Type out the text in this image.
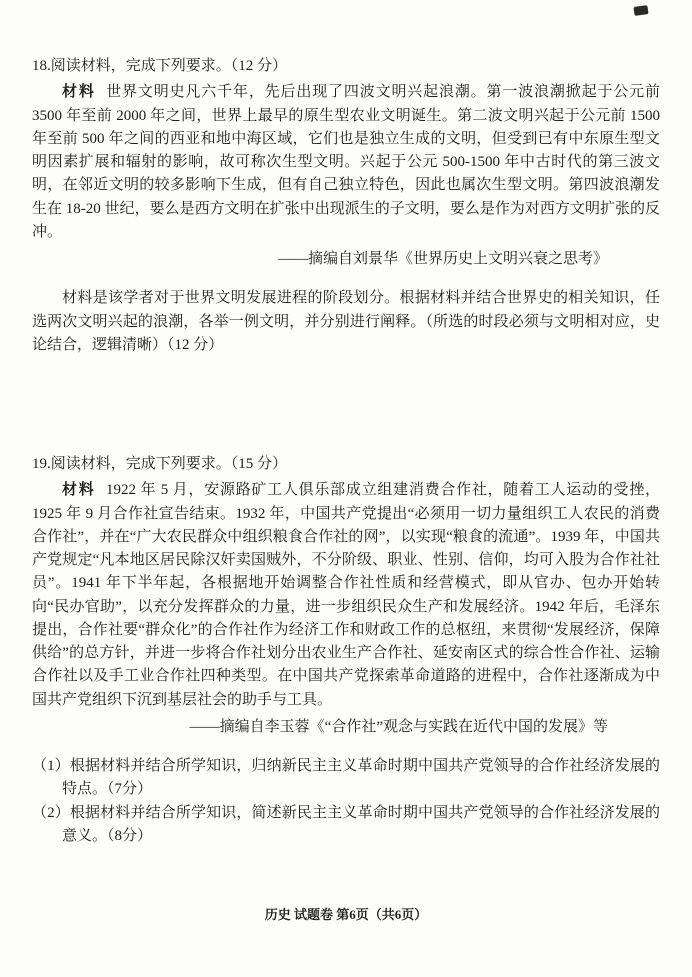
18.阅读材料，完成下列要求。（12 分）

材料 世界文明史凡六千年，先后出现了四波文明兴起浪潮。第一波浪潮掀起于公元前 3500 年至前 2000 年之间，世界上最早的原生型农业文明诞生。第二波文明兴起于公元前 1500 年至前 500 年之间的西亚和地中海区域，它们也是独立生成的文明，但受到已有中东原生型文明因素扩展和辐射的影响，故可称次生型文明。兴起于公元 500-1500 年中古时代的第三波文明，在邻近文明的较多影响下生成，但有自己独立特色，因此也属次生型文明。第四波浪潮发生在 18-20 世纪，要么是西方文明在扩张中出现派生的子文明，要么是作为对西方文明扩张的反冲。

——摘编自刘景华《世界历史上文明兴衰之思考》

材料是该学者对于世界文明发展进程的阶段划分。根据材料并结合世界史的相关知识，任选两次文明兴起的浪潮，各举一例文明，并分别进行阐释。（所选的时段必须与文明相对应，史论结合，逻辑清晰）（12 分）

19.阅读材料，完成下列要求。（15 分）

材料 1922 年 5 月，安源路矿工人俱乐部成立组建消费合作社，随着工人运动的受挫，1925 年 9 月合作社宣告结束。1932 年，中国共产党提出“必须用一切力量组织工人农民的消费合作社”，并在“广大农民群众中组织粮食合作社的网”，以实现“粮食的流通”。1939 年，中国共产党规定“凡本地区居民除汉奸卖国贼外，不分阶级、职业、性别、信仰，均可入股为合作社社员”。1941 年下半年起，各根据地开始调整合作社性质和经营模式，即从官办、包办开始转向“民办官助”，以充分发挥群众的力量，进一步组织民众生产和发展经济。1942 年后，毛泽东提出，合作社要“群众化”的合作社作为经济工作和财政工作的总枢纽，来贯彻“发展经济，保障供给”的总方针，并进一步将合作社划分出农业生产合作社、延安南区式的综合性合作社、运输合作社以及手工业合作社四种类型。在中国共产党探索革命道路的进程中，合作社逐渐成为中国共产党组织下沉到基层社会的助手与工具。

——摘编自李玉蓉《“合作社”观念与实践在近代中国的发展》等

（1）根据材料并结合所学知识，归纳新民主主义革命时期中国共产党领导的合作社经济发展的特点。（7分）

（2）根据材料并结合所学知识，简述新民主主义革命时期中国共产党领导的合作社经济发展的意义。（8分）

历史 试题卷 第6页（共6页）
